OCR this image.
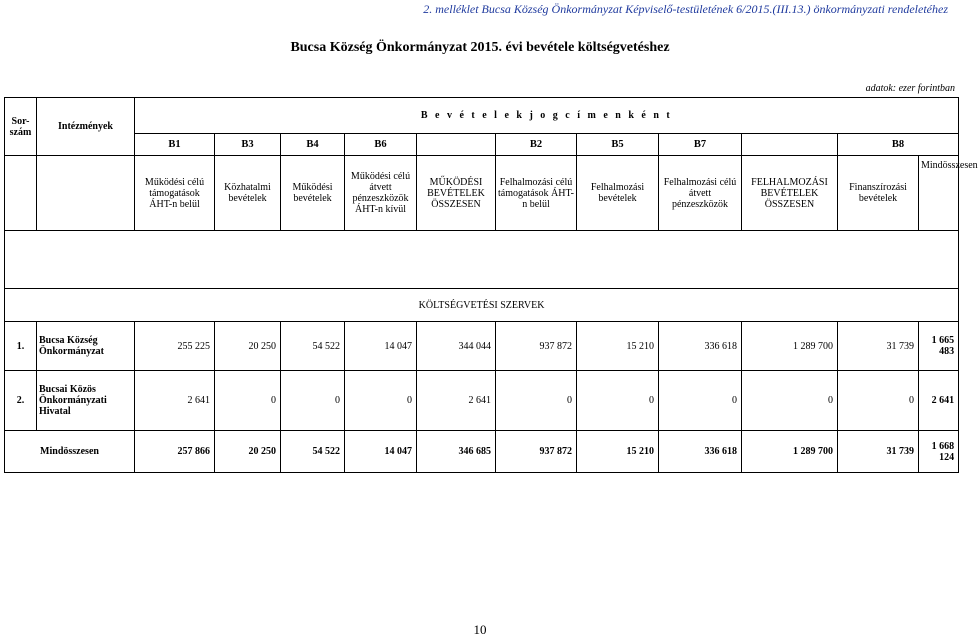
2. melléklet Bucsa Község Önkormányzat Képviselő-testületének 6/2015.(III.13.) önkormányzati rendeletéhez
Bucsa Község Önkormányzat 2015. évi bevétele költségvetéshez
adatok: ezer forintban
Sor-szám	Intézmények	B e v é t e l e k j o g c í m e n k é n t										
		B1	B3	B4	B6		B2	B5	B7		B8	
		Működési célú támogatások ÁHT-n belül	Közhatalmi bevételek	Működési bevételek	Működési célú átvett pénzeszközök ÁHT-n kívül	MŰKÖDÉSI BEVÉTELEK ÖSSZESEN	Felhalmozási célú támogatások ÁHT-n belül	Felhalmozási bevételek	Felhalmozási célú átvett pénzeszközök	FELHALMOZÁSI BEVÉTELEK ÖSSZESEN	Finanszírozási bevételek	Mindösszesen

KÖLTSÉGVETÉSI SZERVEK												
1.	Bucsa Község Önkormányzat	255 225	20 250	54 522	14 047	344 044	937 872	15 210	336 618	1 289 700	31 739	1 665 483
2.	Bucsai Közös Önkormányzati Hivatal	2 641	0	0	0	2 641	0	0	0	0	0	2 641
Mindösszesen		257 866	20 250	54 522	14 047	346 685	937 872	15 210	336 618	1 289 700	31 739	1 668 124
10
